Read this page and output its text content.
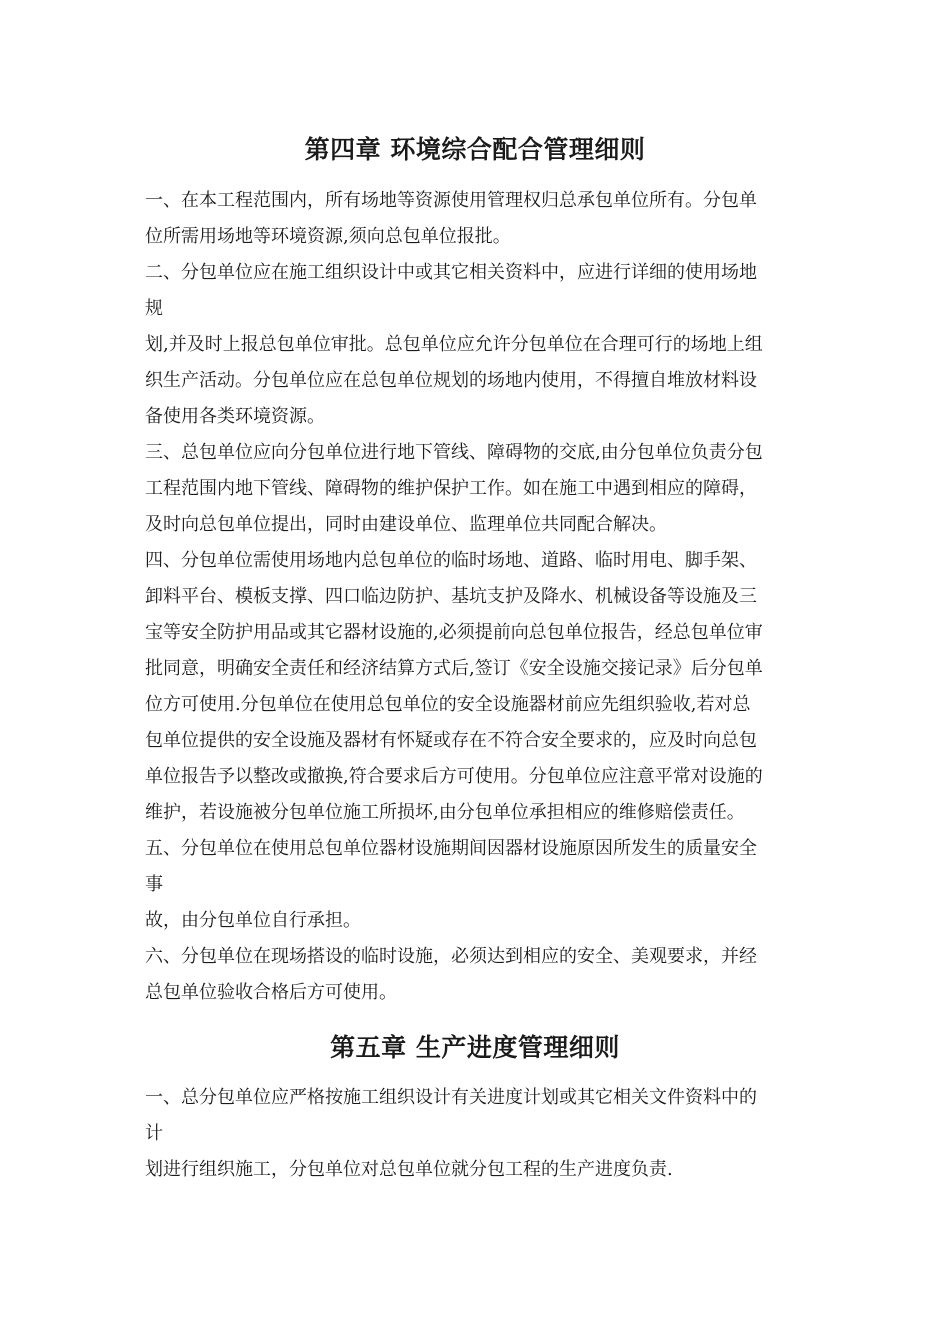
第四章 环境综合配合管理细则
一、在本工程范围内，所有场地等资源使用管理权归总承包单位所有。分包单
位所需用场地等环境资源,须向总包单位报批。
二、分包单位应在施工组织设计中或其它相关资料中，应进行详细的使用场地
规
划,并及时上报总包单位审批。总包单位应允许分包单位在合理可行的场地上组
织生产活动。分包单位应在总包单位规划的场地内使用，不得擅自堆放材料设
备使用各类环境资源。
三、总包单位应向分包单位进行地下管线、障碍物的交底,由分包单位负责分包
工程范围内地下管线、障碍物的维护保护工作。如在施工中遇到相应的障碍，
及时向总包单位提出，同时由建设单位、监理单位共同配合解决。
四、分包单位需使用场地内总包单位的临时场地、道路、临时用电、脚手架、
卸料平台、模板支撑、四口临边防护、基坑支护及降水、机械设备等设施及三
宝等安全防护用品或其它器材设施的,必须提前向总包单位报告，经总包单位审
批同意，明确安全责任和经济结算方式后,签订《安全设施交接记录》后分包单
位方可使用.分包单位在使用总包单位的安全设施器材前应先组织验收,若对总
包单位提供的安全设施及器材有怀疑或存在不符合安全要求的，应及时向总包
单位报告予以整改或撤换,符合要求后方可使用。分包单位应注意平常对设施的
维护，若设施被分包单位施工所损坏,由分包单位承担相应的维修赔偿责任。
五、分包单位在使用总包单位器材设施期间因器材设施原因所发生的质量安全
事
故，由分包单位自行承担。
六、分包单位在现场搭设的临时设施，必须达到相应的安全、美观要求，并经
总包单位验收合格后方可使用。
第五章 生产进度管理细则
一、总分包单位应严格按施工组织设计有关进度计划或其它相关文件资料中的
计
划进行组织施工，分包单位对总包单位就分包工程的生产进度负责.
